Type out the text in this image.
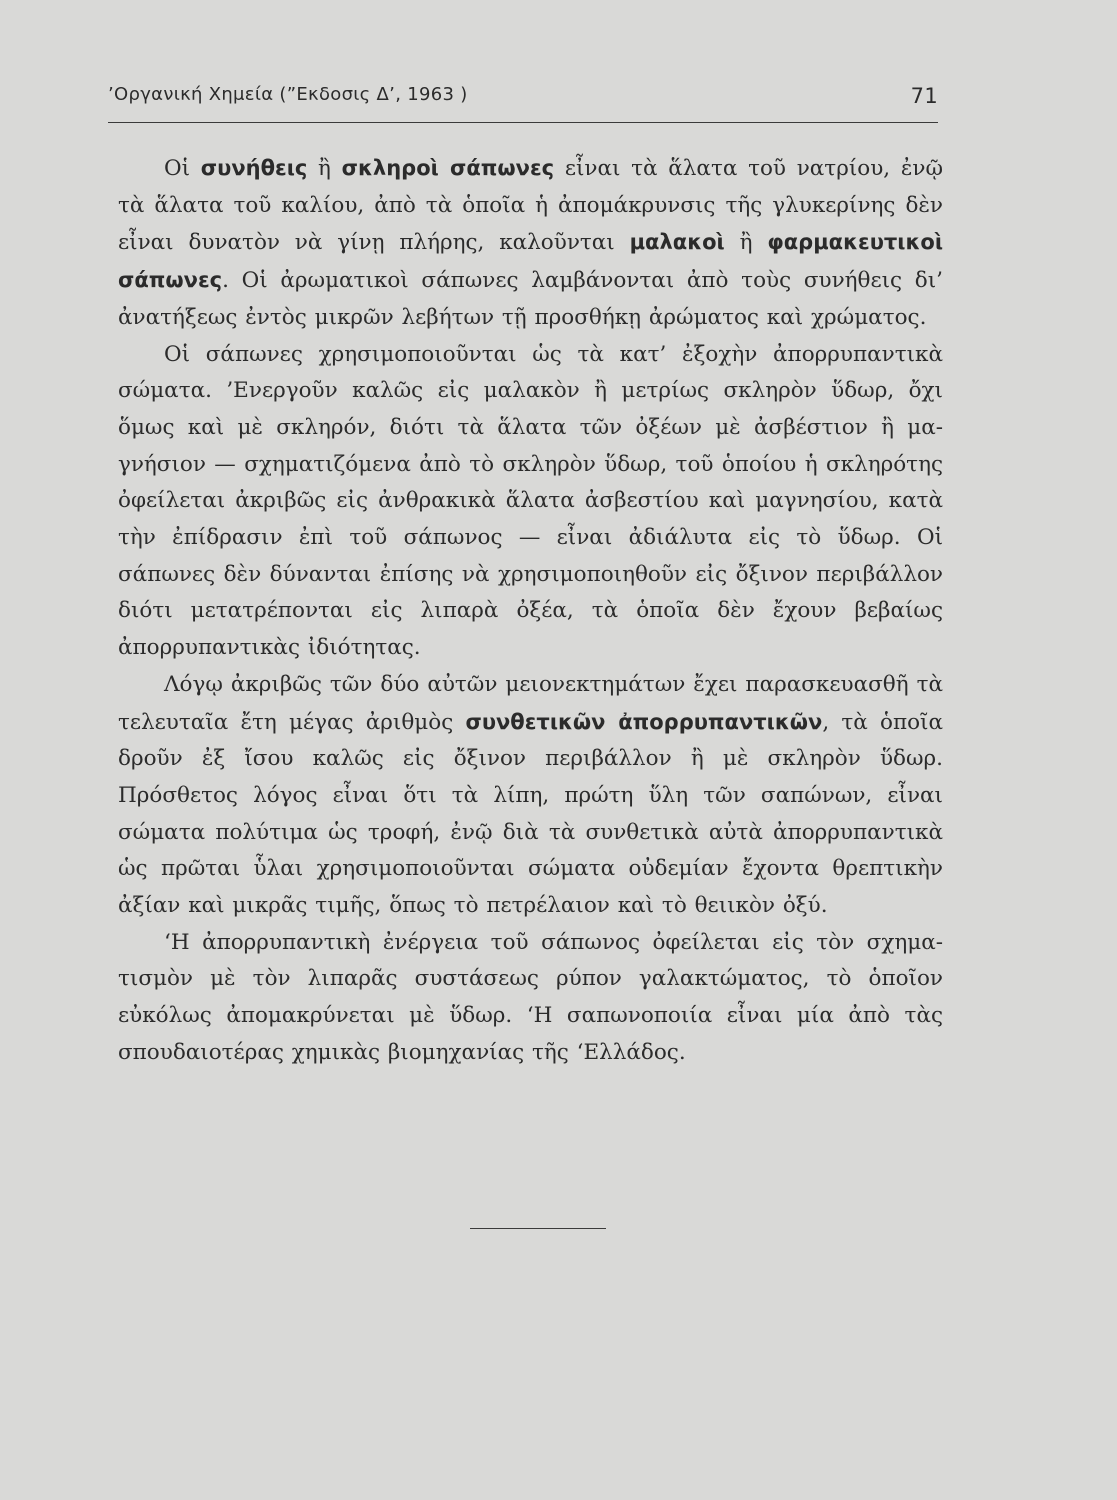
’Οργανική Χημεία (”Εκδοσις Δ’, 1963 )	71

Οἱ συνήθεις ἢ σκληροὶ σάπωνες εἶναι τὰ ἅλατα τοῦ νατρίου, ἐνῷ τὰ ἅλατα τοῦ καλίου, ἀπὸ τὰ ὁποῖα ἡ ἀπομάκρυνσις τῆς γλυκερίνης δὲν εἶναι δυνατὸν νὰ γίνῃ πλήρης, καλοῦνται μαλακοὶ ἢ φαρμακευτικοὶ σάπωνες. Οἱ ἀρωματικοὶ σάπωνες λαμβάνονται ἀπὸ τοὺς συνήθεις δι’ ἀνατήξεως ἐντὸς μικρῶν λεβήτων τῇ προσθήκῃ ἀρώματος καὶ χρώματος.

Οἱ σάπωνες χρησιμοποιοῦνται ὡς τὰ κατ’ ἐξοχὴν ἀπορρυπαντικὰ σώματα. ’Ενεργοῦν καλῶς εἰς μαλακὸν ἢ μετρίως σκληρὸν ὕδωρ, ὄχι ὅμως καὶ μὲ σκληρόν, διότι τὰ ἅλατα τῶν ὀξέων μὲ ἀσβέστιον ἢ μαγνήσιον — σχηματιζόμενα ἀπὸ τὸ σκληρὸν ὕδωρ, τοῦ ὁποίου ἡ σκληρότης ὀφείλεται ἀκριβῶς εἰς ἀνθρακικὰ ἅλατα ἀσβεστίου καὶ μαγνησίου, κατὰ τὴν ἐπίδρασιν ἐπὶ τοῦ σάπωνος — εἶναι ἀδιάλυτα εἰς τὸ ὕδωρ. Οἱ σάπωνες δὲν δύνανται ἐπίσης νὰ χρησιμοποιηθοῦν εἰς ὄξινον περιβάλλον διότι μετατρέπονται εἰς λιπαρὰ ὀξέα, τὰ ὁποῖα δὲν ἔχουν βεβαίως ἀπορρυπαντικὰς ἰδιότητας.

Λόγῳ ἀκριβῶς τῶν δύο αὐτῶν μειονεκτημάτων ἔχει παρασκευασθῆ τὰ τελευταῖα ἔτη μέγας ἀριθμὸς συνθετικῶν ἀπορρυπαντικῶν, τὰ ὁποῖα δροῦν ἐξ ἴσου καλῶς εἰς ὄξινον περιβάλλον ἢ μὲ σκληρὸν ὕδωρ. Πρόσθετος λόγος εἶναι ὅτι τὰ λίπη, πρώτη ὕλη τῶν σαπώνων, εἶναι σώματα πολύτιμα ὡς τροφή, ἐνῷ διὰ τὰ συνθετικὰ αὐτὰ ἀπορρυπαντικὰ ὡς πρῶται ὗλαι χρησιμοποιοῦνται σώματα οὐδεμίαν ἔχοντα θρεπτικὴν ἀξίαν καὶ μικρᾶς τιμῆς, ὅπως τὸ πετρέλαιον καὶ τὸ θειικὸν ὀξύ.

‘Η ἀπορρυπαντικὴ ἐνέργεια τοῦ σάπωνος ὀφείλεται εἰς τὸν σχηματισμὸν μὲ τὸν λιπαρᾶς συστάσεως ρύπον γαλακτώματος, τὸ ὁποῖον εὐκόλως ἀπομακρύνεται μὲ ὕδωρ. ‘Η σαπωνοποιία εἶναι μία ἀπὸ τὰς σπουδαιοτέρας χημικὰς βιομηχανίας τῆς ‘Ελλάδος.
